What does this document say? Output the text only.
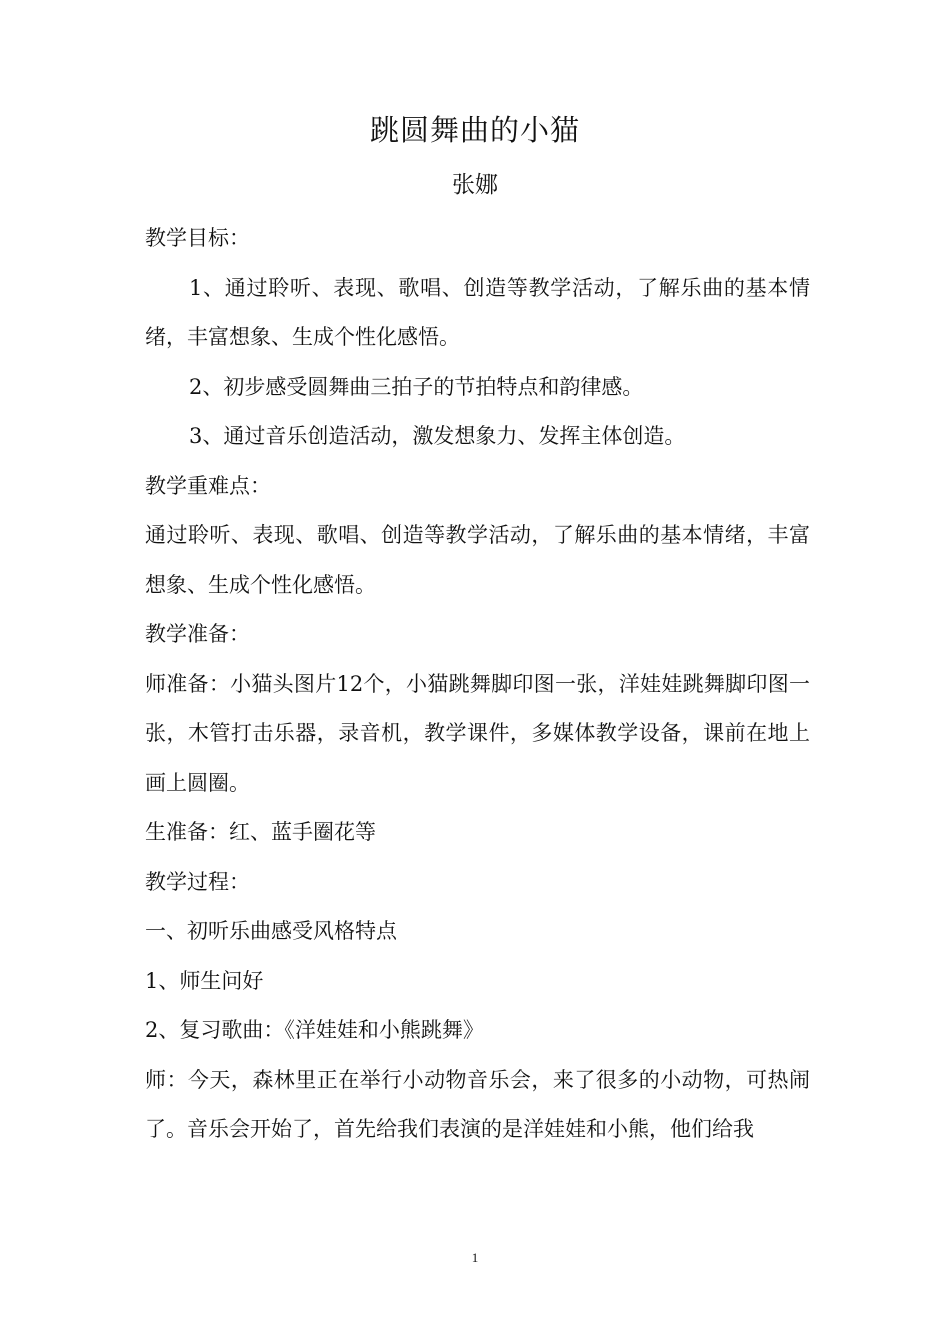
跳圆舞曲的小猫
张娜

教学目标：

1、通过聆听、表现、歌唱、创造等教学活动，了解乐曲的基本情绪，丰富想象、生成个性化感悟。

2、初步感受圆舞曲三拍子的节拍特点和韵律感。

3、通过音乐创造活动，激发想象力、发挥主体创造。

教学重难点：

通过聆听、表现、歌唱、创造等教学活动，了解乐曲的基本情绪，丰富想象、生成个性化感悟。

教学准备：

师准备：小猫头图片12个，小猫跳舞脚印图一张，洋娃娃跳舞脚印图一张，木管打击乐器，录音机，教学课件，多媒体教学设备，课前在地上画上圆圈。

生准备：红、蓝手圈花等

教学过程：

一、初听乐曲感受风格特点

1、师生问好

2、复习歌曲：《洋娃娃和小熊跳舞》

师：今天，森林里正在举行小动物音乐会，来了很多的小动物，可热闹了。音乐会开始了，首先给我们表演的是洋娃娃和小熊，他们给我

1
